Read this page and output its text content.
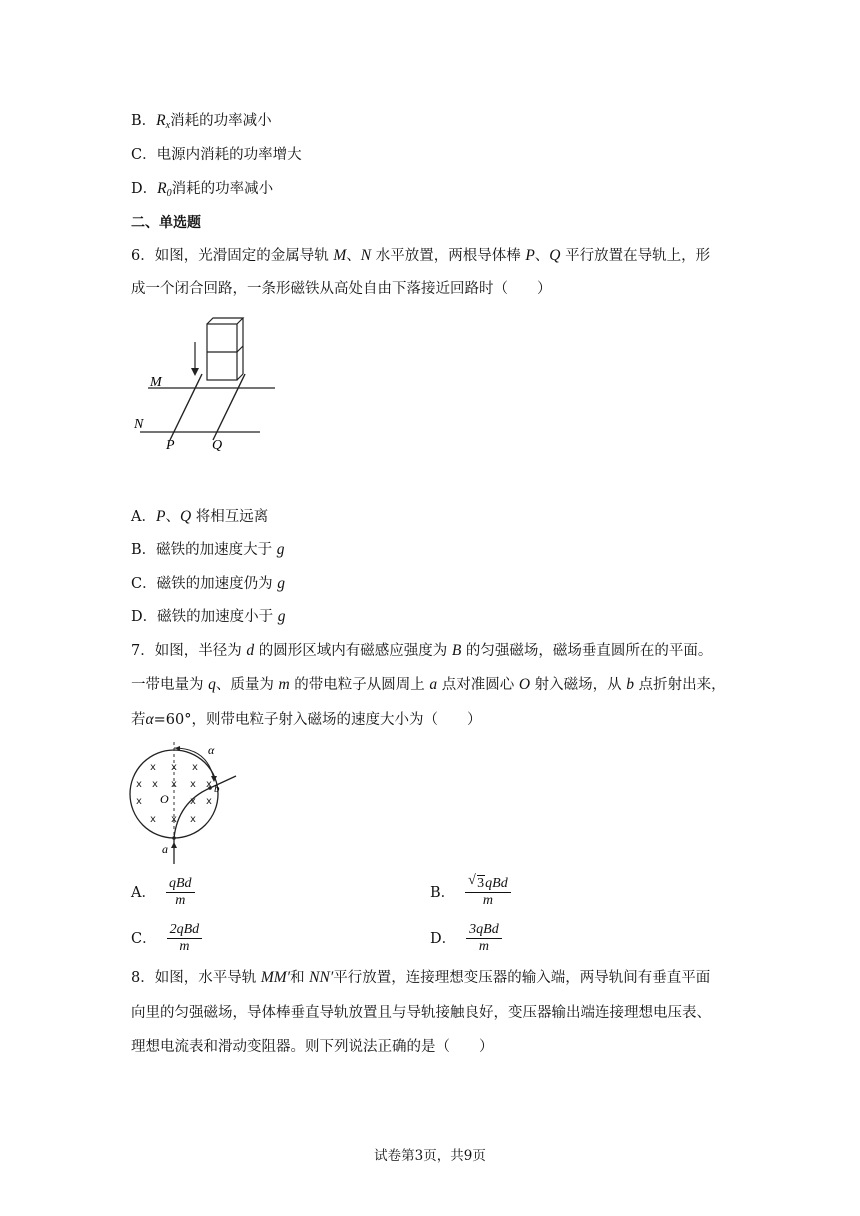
B．$R_x$消耗的功率减小
C．电源内消耗的功率增大
D．$R_0$消耗的功率减小
二、单选题
6．如图，光滑固定的金属导轨 M、N 水平放置，两根导体棒 P、Q 平行放置在导轨上，形
成一个闭合回路，一条形磁铁从高处自由下落接近回路时（　　）
M
N
P	Q
A．P、Q 将相互远离
B．磁铁的加速度大于 g
C．磁铁的加速度仍为 g
D．磁铁的加速度小于 g
7．如图，半径为 d 的圆形区域内有磁感应强度为 B 的匀强磁场，磁场垂直圆所在的平面。
一带电量为 q、质量为 m 的带电粒子从圆周上 a 点对准圆心 O 射入磁场，从 b 点折射出来，
若α=60°，则带电粒子射入磁场的速度大小为（　　）
α
O
a
b
x x x
x x x x x
x	x x
x x x
A． $\frac{\text{qBd}}{m}$	B． $\frac{\text{√ 3qBd}}{m}$
C． $\frac{\text{2qBd}}{m}$	D． $\frac{\text{3qBd}}{m}$
8．如图，水平导轨 MM′和 NN′平行放置，连接理想变压器的输入端，两导轨间有垂直平面
向里的匀强磁场，导体棒垂直导轨放置且与导轨接触良好，变压器输出端连接理想电压表、
理想电流表和滑动变阻器。则下列说法正确的是（　　）
试卷第3页，共9页
